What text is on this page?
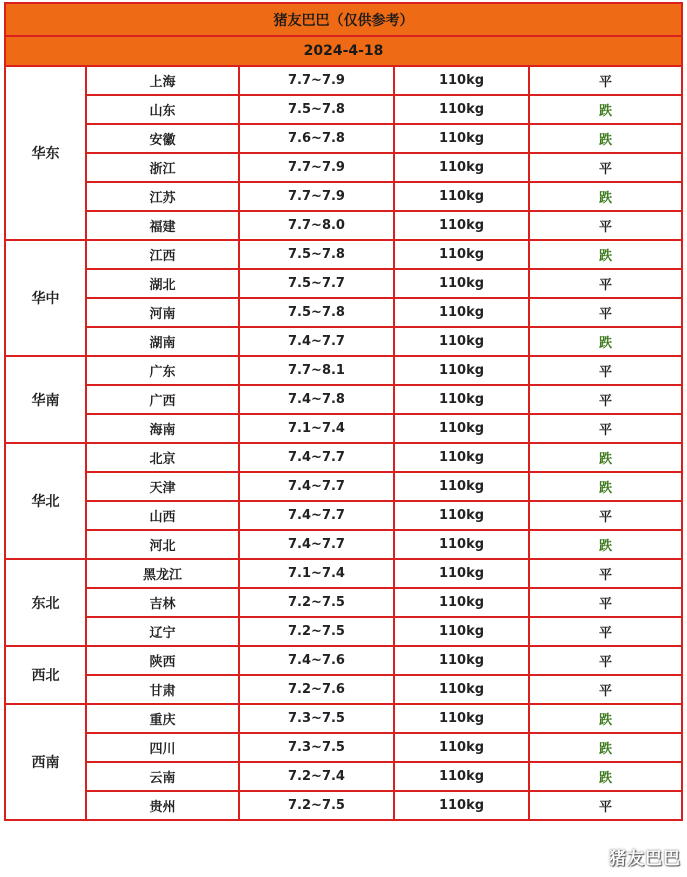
猪友巴巴（仅供参考）				
2024-4-18				
华东	上海	7.7~7.9	110kg	平
	山东	7.5~7.8	110kg	跌
	安徽	7.6~7.8	110kg	跌
	浙江	7.7~7.9	110kg	平
	江苏	7.7~7.9	110kg	跌
	福建	7.7~8.0	110kg	平
华中	江西	7.5~7.8	110kg	跌
	湖北	7.5~7.7	110kg	平
	河南	7.5~7.8	110kg	平
	湖南	7.4~7.7	110kg	跌
华南	广东	7.7~8.1	110kg	平
	广西	7.4~7.8	110kg	平
	海南	7.1~7.4	110kg	平
华北	北京	7.4~7.7	110kg	跌
	天津	7.4~7.7	110kg	跌
	山西	7.4~7.7	110kg	平
	河北	7.4~7.7	110kg	跌
东北	黑龙江	7.1~7.4	110kg	平
	吉林	7.2~7.5	110kg	平
	辽宁	7.2~7.5	110kg	平
西北	陕西	7.4~7.6	110kg	平
	甘肃	7.2~7.6	110kg	平
西南	重庆	7.3~7.5	110kg	跌
	四川	7.3~7.5	110kg	跌
	云南	7.2~7.4	110kg	跌
	贵州	7.2~7.5	110kg	平
猪友巴巴
